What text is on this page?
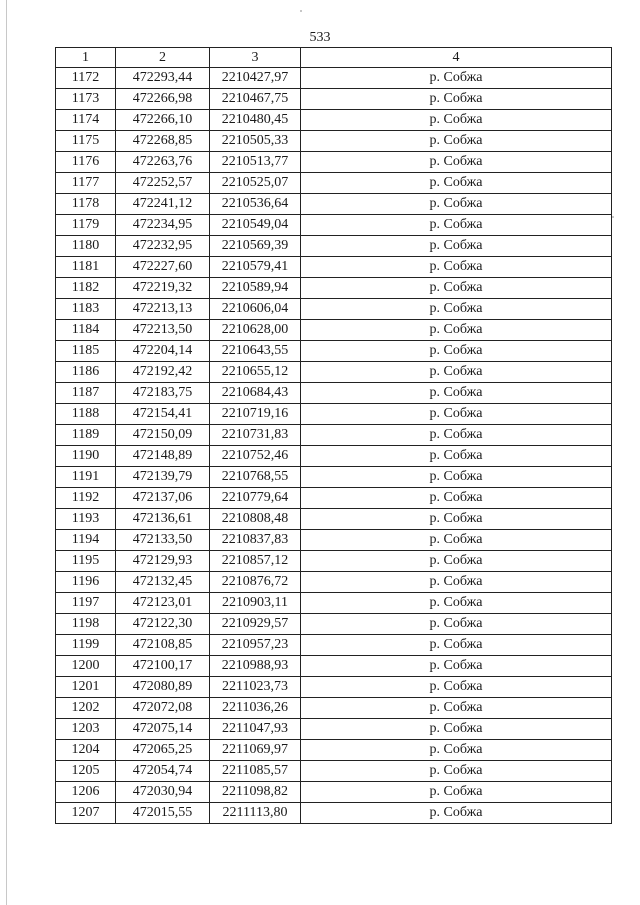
533
1	2	3	4
1172	472293,44	2210427,97	р. Собжа
1173	472266,98	2210467,75	р. Собжа
1174	472266,10	2210480,45	р. Собжа
1175	472268,85	2210505,33	р. Собжа
1176	472263,76	2210513,77	р. Собжа
1177	472252,57	2210525,07	р. Собжа
1178	472241,12	2210536,64	р. Собжа
1179	472234,95	2210549,04	р. Собжа
1180	472232,95	2210569,39	р. Собжа
1181	472227,60	2210579,41	р. Собжа
1182	472219,32	2210589,94	р. Собжа
1183	472213,13	2210606,04	р. Собжа
1184	472213,50	2210628,00	р. Собжа
1185	472204,14	2210643,55	р. Собжа
1186	472192,42	2210655,12	р. Собжа
1187	472183,75	2210684,43	р. Собжа
1188	472154,41	2210719,16	р. Собжа
1189	472150,09	2210731,83	р. Собжа
1190	472148,89	2210752,46	р. Собжа
1191	472139,79	2210768,55	р. Собжа
1192	472137,06	2210779,64	р. Собжа
1193	472136,61	2210808,48	р. Собжа
1194	472133,50	2210837,83	р. Собжа
1195	472129,93	2210857,12	р. Собжа
1196	472132,45	2210876,72	р. Собжа
1197	472123,01	2210903,11	р. Собжа
1198	472122,30	2210929,57	р. Собжа
1199	472108,85	2210957,23	р. Собжа
1200	472100,17	2210988,93	р. Собжа
1201	472080,89	2211023,73	р. Собжа
1202	472072,08	2211036,26	р. Собжа
1203	472075,14	2211047,93	р. Собжа
1204	472065,25	2211069,97	р. Собжа
1205	472054,74	2211085,57	р. Собжа
1206	472030,94	2211098,82	р. Собжа
1207	472015,55	2211113,80	р. Собжа
